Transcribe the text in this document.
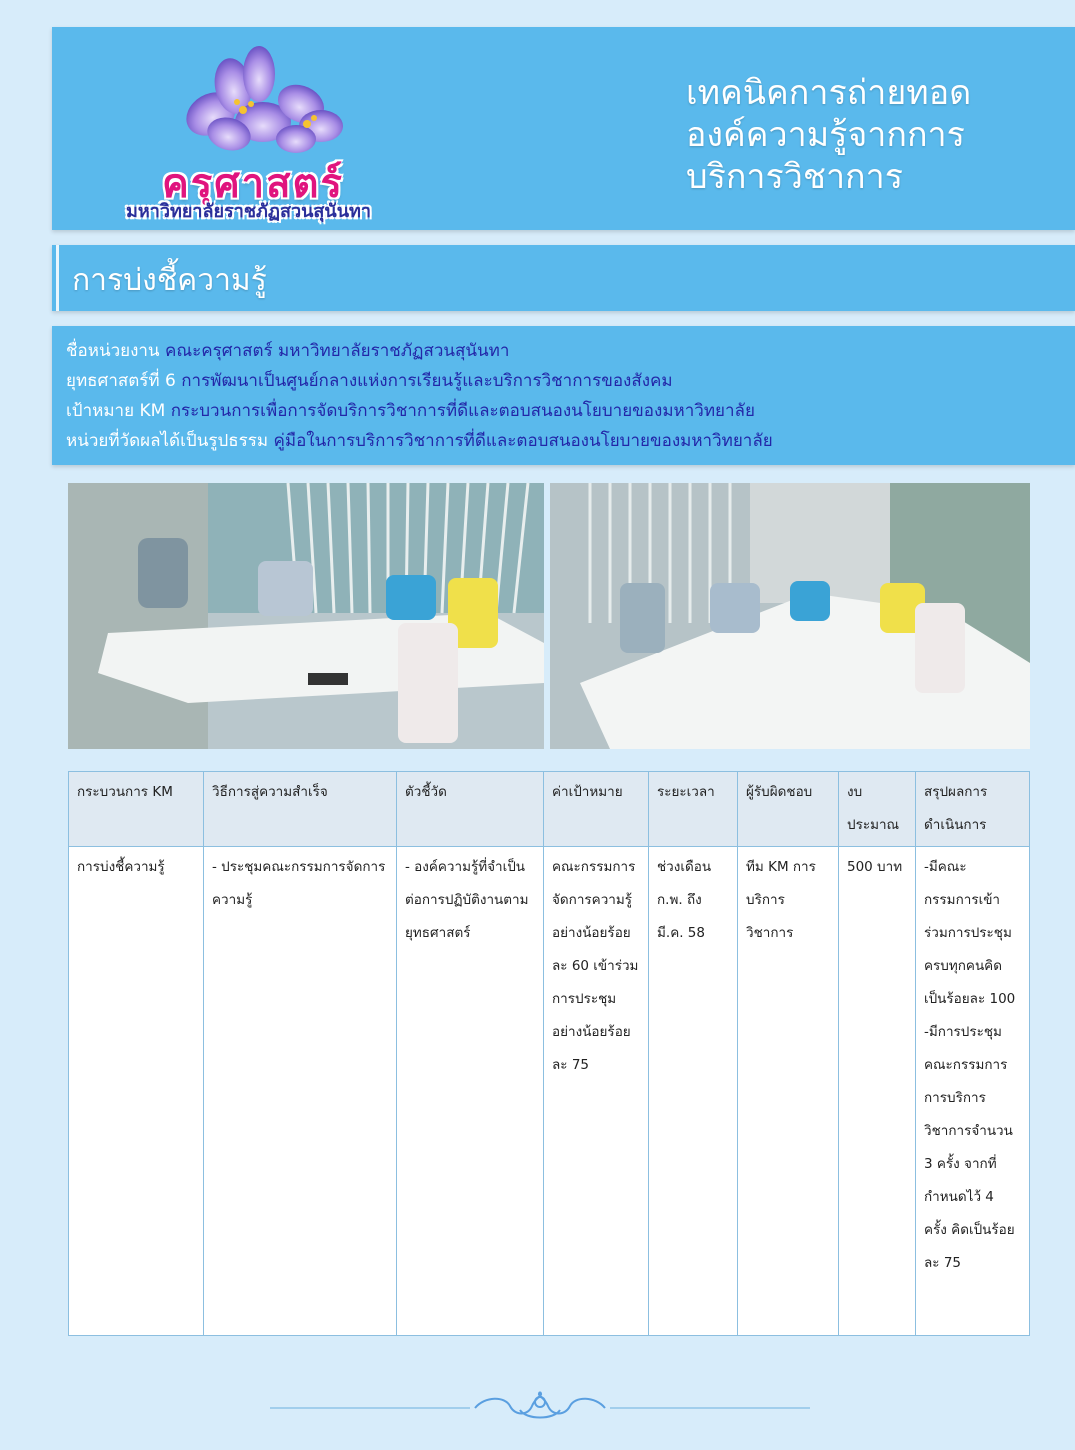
ครุศาสตร์
มหาวิทยาลัยราชภัฏสวนสุนันทา
เทคนิคการถ่ายทอด
องค์ความรู้จากการ
บริการวิชาการ
การบ่งชี้ความรู้
ชื่อหน่วยงาน คณะครุศาสตร์ มหาวิทยาลัยราชภัฏสวนสุนันทา
ยุทธศาสตร์ที่ 6 การพัฒนาเป็นศูนย์กลางแห่งการเรียนรู้และบริการวิชาการของสังคม
เป้าหมาย KM กระบวนการเพื่อการจัดบริการวิชาการที่ดีและตอบสนองนโยบายของมหาวิทยาลัย
หน่วยที่วัดผลได้เป็นรูปธรรม คู่มือในการบริการวิชาการที่ดีและตอบสนองนโยบายของมหาวิทยาลัย
กระบวนการ KM	วิธีการสู่ความสำเร็จ	ตัวชี้วัด	ค่าเป้าหมาย	ระยะเวลา	ผู้รับผิดชอบ	งบประมาณ	สรุปผลการดำเนินการ
การบ่งชี้ความรู้	- ประชุมคณะกรรมการจัดการความรู้	- องค์ความรู้ที่จำเป็นต่อการปฏิบัติงานตามยุทธศาสตร์	คณะกรรมการจัดการความรู้อย่างน้อยร้อยละ 60 เข้าร่วมการประชุมอย่างน้อยร้อยละ 75	ช่วงเดือน ก.พ. ถึง มี.ค. 58	ทีม KM การบริการวิชาการ	500 บาท	-มีคณะกรรมการเข้าร่วมการประชุมครบทุกคนคิดเป็นร้อยละ 100 -มีการประชุมคณะกรรมการการบริการวิชาการจำนวน 3 ครั้ง จากที่กำหนดไว้ 4 ครั้ง คิดเป็นร้อยละ 75
